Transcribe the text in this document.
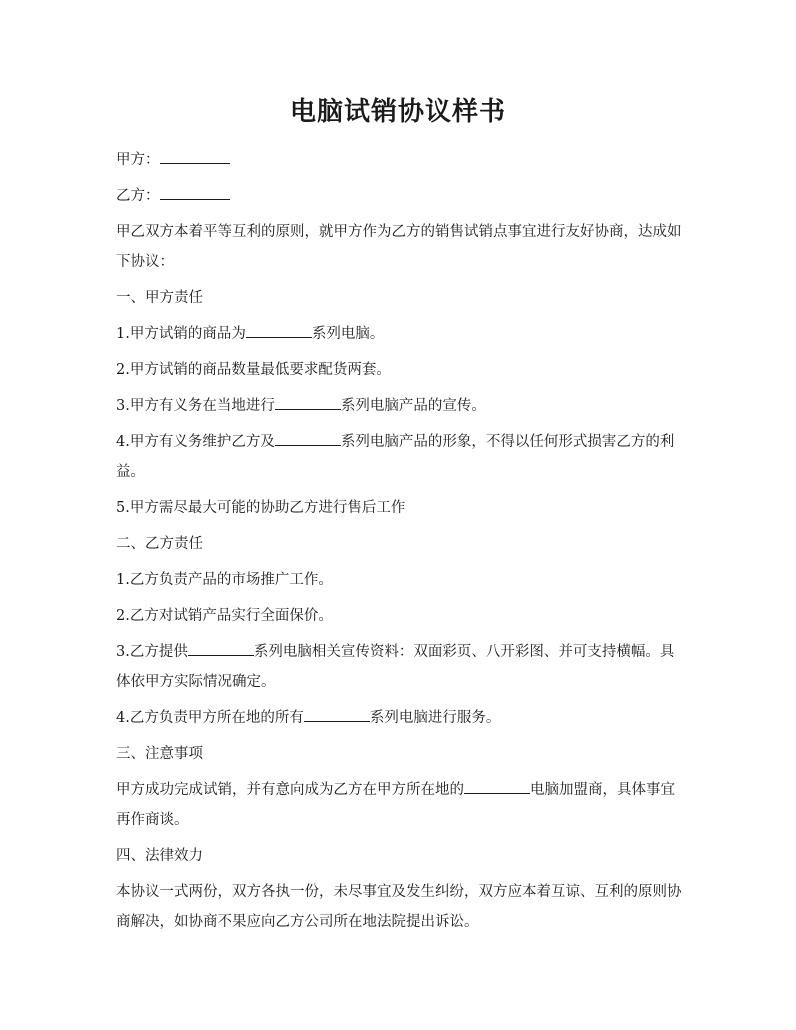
电脑试销协议样书

甲方：

乙方：

甲乙双方本着平等互利的原则，就甲方作为乙方的销售试销点事宜进行友好协商，达成如下协议：

一、甲方责任

1.甲方试销的商品为	系列电脑。

2.甲方试销的商品数量最低要求配货两套。

3.甲方有义务在当地进行	系列电脑产品的宣传。

4.甲方有义务维护乙方及	系列电脑产品的形象，不得以任何形式损害乙方的利益。

5.甲方需尽最大可能的协助乙方进行售后工作

二、乙方责任

1.乙方负责产品的市场推广工作。

2.乙方对试销产品实行全面保价。

3.乙方提供	系列电脑相关宣传资料：双面彩页、八开彩图、并可支持横幅。具体依甲方实际情况确定。

4.乙方负责甲方所在地的所有	系列电脑进行服务。

三、注意事项

甲方成功完成试销，并有意向成为乙方在甲方所在地的	电脑加盟商，具体事宜再作商谈。

四、法律效力

本协议一式两份，双方各执一份，未尽事宜及发生纠纷，双方应本着互谅、互利的原则协商解决，如协商不果应向乙方公司所在地法院提出诉讼。
